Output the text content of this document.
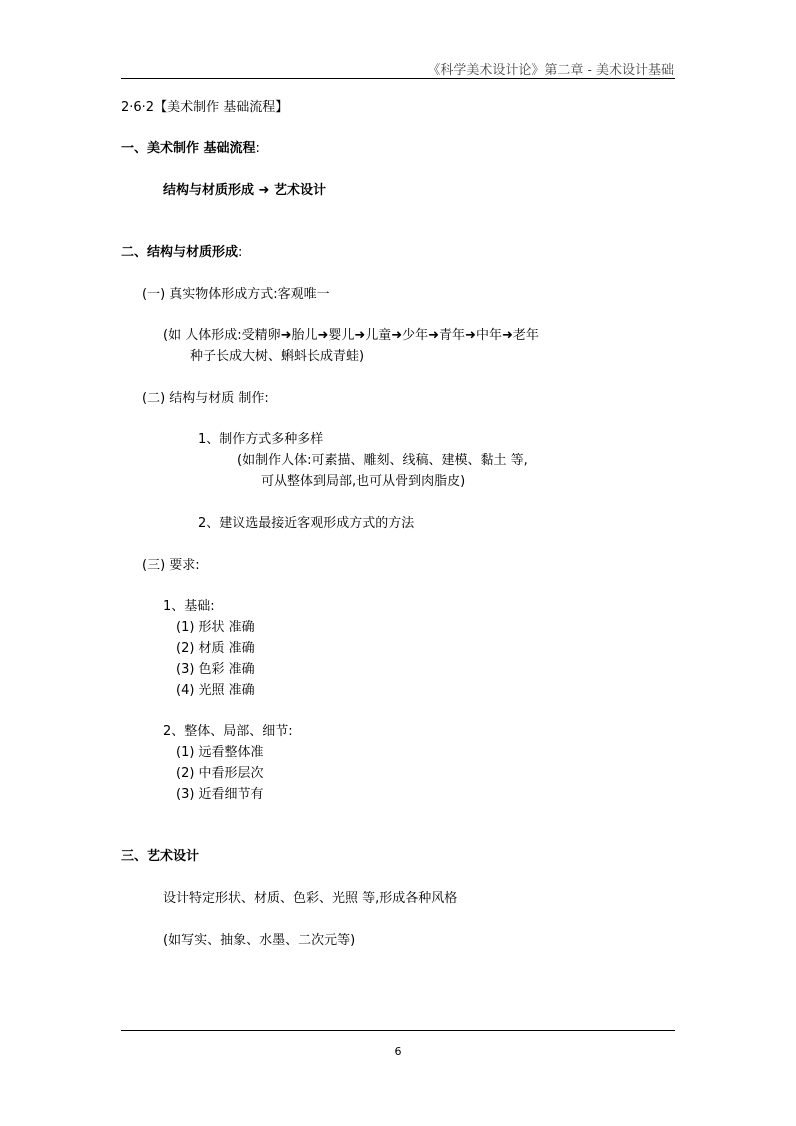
《科学美术设计论》第二章 - 美术设计基础
2·6·2【美术制作 基础流程】
一、美术制作 基础流程:
结构与材质形成 ➜ 艺术设计
二、结构与材质形成:
(一) 真实物体形成方式:客观唯一
(如 人体形成:受精卵➜胎儿➜婴儿➜儿童➜少年➜青年➜中年➜老年
种子长成大树、蝌蚪长成青蛙)
(二) 结构与材质 制作:
1、制作方式多种多样
(如制作人体:可素描、雕刻、线稿、建模、黏土 等,
可从整体到局部,也可从骨到肉脂皮)
2、建议选最接近客观形成方式的方法
(三) 要求:
1、基础:
(1) 形状 准确
(2) 材质 准确
(3) 色彩 准确
(4) 光照 准确
2、整体、局部、细节:
(1) 远看整体准
(2) 中看形层次
(3) 近看细节有
三、艺术设计
设计特定形状、材质、色彩、光照 等,形成各种风格
(如写实、抽象、水墨、二次元等)
6
